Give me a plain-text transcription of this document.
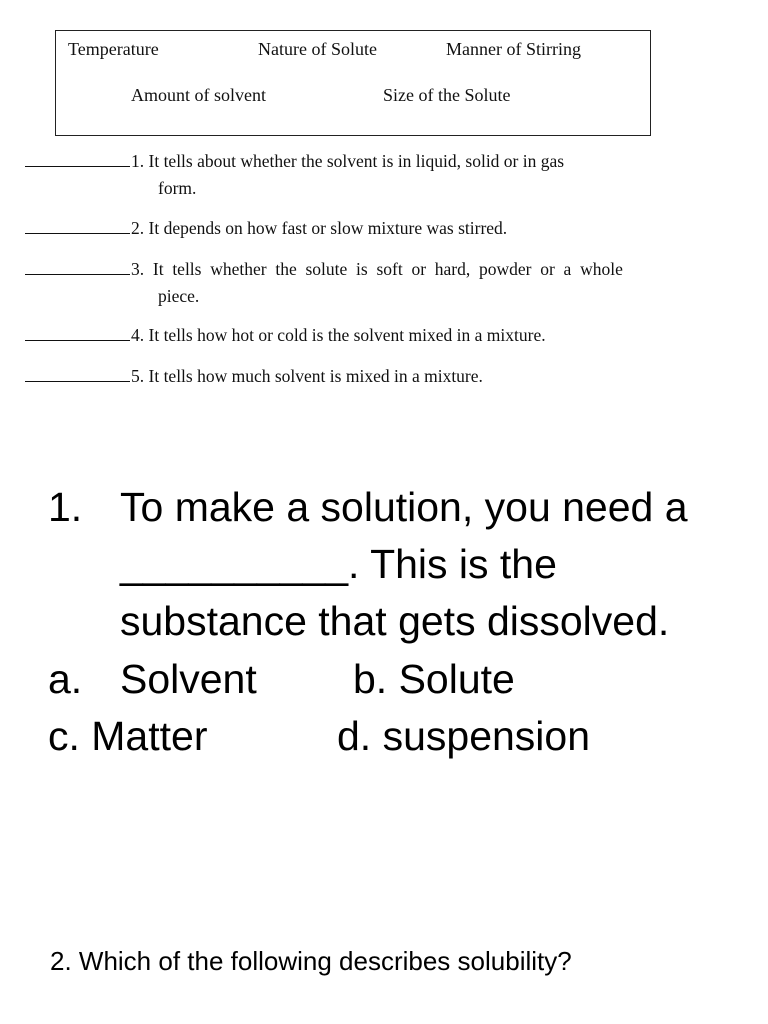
Temperature	Nature of Solute	Manner of Stirring
Amount of solvent	Size of the Solute
1. It tells about whether the solvent is in liquid, solid or in gas
form.
2. It depends on how fast or slow mixture was stirred.
3.  It  tells  whether  the  solute  is  soft  or  hard,  powder  or  a  whole
piece.
4. It tells how hot or cold is the solvent mixed in a mixture.
5. It tells how much solvent is mixed in a mixture.
1. To make a solution, you need a
__________. This is the
substance that gets dissolved.
a. Solvent b. Solute
c. Matter	d. suspension
2. Which of the following describes solubility?
